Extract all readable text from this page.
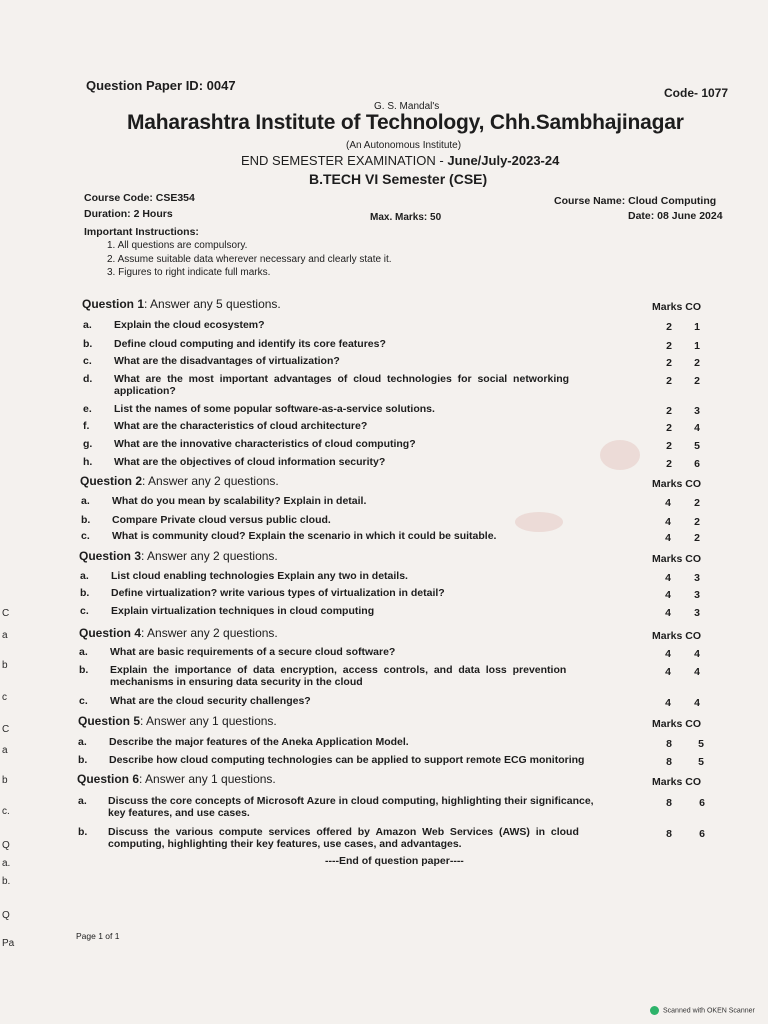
Question Paper ID: 0047	Code- 1077
G. S. Mandal's
Maharashtra Institute of Technology, Chh.Sambhajinagar
(An Autonomous Institute)
END SEMESTER EXAMINATION - June/July-2023-24
B.TECH VI Semester (CSE)
Course Code: CSE354
Duration: 2 Hours	Max. Marks: 50
Course Name: Cloud Computing
Date: 08 June 2024
Important Instructions:
1. All questions are compulsory.
2. Assume suitable data wherever necessary and clearly state it.
3. Figures to right indicate full marks.
Question 1: Answer any 5 questions.	Marks CO
a. Explain the cloud ecosystem?	2	1
b. Define cloud computing and identify its core features?	2	1
c. What are the disadvantages of virtualization?	2	2
d. What  are  the  most  important  advantages  of  cloud  technologies  for  social  networking
application?
2	2
e. List the names of some popular software-as-a-service solutions.	2	3
f. What are the characteristics of cloud architecture?	2	4
g. What are the innovative characteristics of cloud computing?	2	5
h. What are the objectives of cloud information security?	2	6
Question 2: Answer any 2 questions.	Marks CO
a. What do you mean by scalability? Explain in detail.	4	2
b. Compare Private cloud versus public cloud.	4	2
c. What is community cloud? Explain the scenario in which it could be suitable.	4	2
Question 3: Answer any 2 questions.	Marks CO
a. List cloud enabling technologies Explain any two in details.	4	3
b. Define virtualization? write various types of virtualization in detail?	4	3
c. Explain virtualization techniques in cloud computing	4	3
Question 4: Answer any 2 questions.	Marks CO
a. What are basic requirements of a secure cloud software?	4	4
b. Explain  the  importance  of  data  encryption,  access  controls,  and  data  loss  prevention
mechanisms in ensuring data security in the cloud
4	4
c. What are the cloud security challenges?	4	4
Question 5: Answer any 1 questions.	Marks CO
a. Describe the major features of the Aneka Application Model.	8	5
b. Describe how cloud computing technologies can be applied to support remote ECG monitoring	8	5
Question 6: Answer any 1 questions.	Marks CO
a. Discuss the core concepts of Microsoft Azure in cloud computing, highlighting their significance,
key features, and use cases.
8	6
b. Discuss  the  various  compute  services  offered  by  Amazon  Web  Services  (AWS)  in  cloud
computing, highlighting their key features, use cases, and advantages.
8	6
----End of question paper----
Page 1 of 1
Scanned with OKEN Scanner
C
a
b
c
C
a
b
c.
Q
a.
b.
Q
Pa
